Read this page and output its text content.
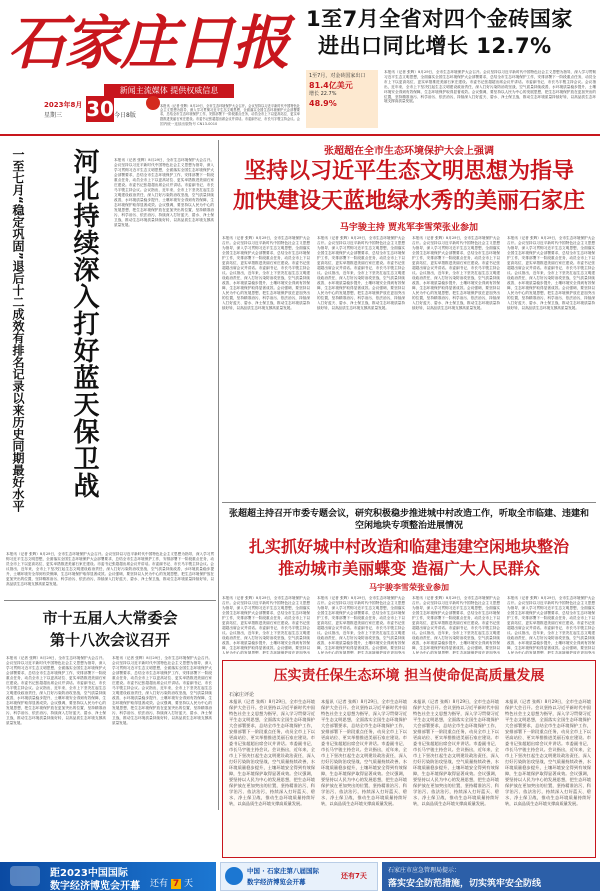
石家庄日报
新闻主流媒体 提供权威信息
今日8版
2023年8月
星期三 30
国内统一连续出版物号 CN13-0010
本报讯（记者 张辉）8月29日，全市生态环境保护大会召开。会议坚持以习近平新时代中国特色社会主义思想为指导，深入学习贯彻习近平生态文明思想，全面落实全国生态环境保护大会部署要求，总结全市生态环境保护工作，安排部署下一阶段重点任务，动员全市上下以更高站位、更实举措推进美丽石家庄建设。市委书记张超超出席会议并讲话。市委副书记、市长马宇骏主持会议。会
1至7月全省对四个金砖国家
进出口同比增长 12.7%
1至7月，对金砖国家出口
81.4亿美元
增长 22.7%
48.9%
本报讯（记者 张辉）8月29日，全市生态环境保护大会召开。会议坚持以习近平新时代中国特色社会主义思想为指导，深入学习贯彻习近平生态文明思想，全面落实全国生态环境保护大会部署要求，总结全市生态环境保护工作，安排部署下一阶段重点任务，动员全市上下以更高站位、更实举措推进美丽石家庄建设。市委书记张超超出席会议并讲话。市委副书记、市长马宇骏主持会议。会议指出，近年来，全市上下坚决扛起生态文明建设政治责任，深入打好污染防治攻坚战，空气质量持续改善，水环境质量稳步提升，土壤环境安全得到有效保障，生态环境保护取得显著成效。会议强调，要坚持以人民为中心的发展思想，把生态环境保护放在更加突出的位置，坚持精准治污、科学治污、依法治污，持续深入打好蓝天、碧水、净土保卫战，推动生态环境质量持续好转，以高品质生态环境支撑高质量发展。
河北持续深入打好蓝天保卫战
一至七月“稳定巩固”退后十二成效有排名记录以来历史同期最好水平	本报讯（记者 张辉）8月29日，全市生态环境保护大会召开。会议坚持以习近平新时代中国特色社会主义思想为指导，深入学习贯彻习近平生态文明思想，全面落实全国生态环境保护大会部署要求，总结全市生态环境保护工作，安排部署下一阶段重点任务，动员全市上下以更高站位、更实举措推进美丽石家庄建设。市委书记张超超出席会议并讲话。市委副书记、市长马宇骏主持会议。会议指出，近年来，全市上下坚决扛起生态文明建设政治责任，深入打好污染防治攻坚战，空气质量持续改善，水环境质量稳步提升，土壤环境安全得到有效保障，生态环境保护取得显著成效。会议强调，要坚持以人民为中心的发展思想，把生态环境保护放在更加突出的位置，坚持精准治污、科学治污、依法治污，持续深入打好蓝天、碧水、净土保卫战，推动生态环境质量持续好转，以高品质生态环境支撑高质量发展。
张超超在全市生态环境保护大会上强调
坚持以习近平生态文明思想为指导
加快建设天蓝地绿水秀的美丽石家庄
马宇骏主持 贾兆军李雪荣张业参加
本报讯（记者 张辉）8月29日，全市生态环境保护大会召开。会议坚持以习近平新时代中国特色社会主义思想为指导，深入学习贯彻习近平生态文明思想，全面落实全国生态环境保护大会部署要求，总结全市生态环境保护工作，安排部署下一阶段重点任务，动员全市上下以更高站位、更实举措推进美丽石家庄建设。市委书记张超超出席会议并讲话。市委副书记、市长马宇骏主持会议。会议指出，近年来，全市上下坚决扛起生态文明建设政治责任，深入打好污染防治攻坚战，空气质量持续改善，水环境质量稳步提升，土壤环境安全得到有效保障，生态环境保护取得显著成效。会议强调，要坚持以人民为中心的发展思想，把生态环境保护放在更加突出的位置，坚持精准治污、科学治污、依法治污，持续深入打好蓝天、碧水、净土保卫战，推动生态环境质量持续好转，以高品质生态环境支撑高质量发展。
本报讯（记者 张辉）8月29日，全市生态环境保护大会召开。会议坚持以习近平新时代中国特色社会主义思想为指导，深入学习贯彻习近平生态文明思想，全面落实全国生态环境保护大会部署要求，总结全市生态环境保护工作，安排部署下一阶段重点任务，动员全市上下以更高站位、更实举措推进美丽石家庄建设。市委书记张超超出席会议并讲话。市委副书记、市长马宇骏主持会议。会议指出，近年来，全市上下坚决扛起生态文明建设政治责任，深入打好污染防治攻坚战，空气质量持续改善，水环境质量稳步提升，土壤环境安全得到有效保障，生态环境保护取得显著成效。会议强调，要坚持以人民为中心的发展思想，把生态环境保护放在更加突出的位置，坚持精准治污、科学治污、依法治污，持续深入打好蓝天、碧水、净土保卫战，推动生态环境质量持续好转，以高品质生态环境支撑高质量发展。
本报讯（记者 张辉）8月29日，全市生态环境保护大会召开。会议坚持以习近平新时代中国特色社会主义思想为指导，深入学习贯彻习近平生态文明思想，全面落实全国生态环境保护大会部署要求，总结全市生态环境保护工作，安排部署下一阶段重点任务，动员全市上下以更高站位、更实举措推进美丽石家庄建设。市委书记张超超出席会议并讲话。市委副书记、市长马宇骏主持会议。会议指出，近年来，全市上下坚决扛起生态文明建设政治责任，深入打好污染防治攻坚战，空气质量持续改善，水环境质量稳步提升，土壤环境安全得到有效保障，生态环境保护取得显著成效。会议强调，要坚持以人民为中心的发展思想，把生态环境保护放在更加突出的位置，坚持精准治污、科学治污、依法治污，持续深入打好蓝天、碧水、净土保卫战，推动生态环境质量持续好转，以高品质生态环境支撑高质量发展。
本报讯（记者 张辉）8月29日，全市生态环境保护大会召开。会议坚持以习近平新时代中国特色社会主义思想为指导，深入学习贯彻习近平生态文明思想，全面落实全国生态环境保护大会部署要求，总结全市生态环境保护工作，安排部署下一阶段重点任务，动员全市上下以更高站位、更实举措推进美丽石家庄建设。市委书记张超超出席会议并讲话。市委副书记、市长马宇骏主持会议。会议指出，近年来，全市上下坚决扛起生态文明建设政治责任，深入打好污染防治攻坚战，空气质量持续改善，水环境质量稳步提升，土壤环境安全得到有效保障，生态环境保护取得显著成效。会议强调，要坚持以人民为中心的发展思想，把生态环境保护放在更加突出的位置，坚持精准治污、科学治污、依法治污，持续深入打好蓝天、碧水、净土保卫战，推动生态环境质量持续好转，以高品质生态环境支撑高质量发展。
张超超主持召开市委专题会议，研究积极稳步推进城中村改造工作，听取全市临建、违建和空闲地块专项整治进展情况
扎实抓好城中村改造和临建违建空闲地块整治
推动城市美丽蝶变 造福广大人民群众
马宇骏李雪荣张业参加
本报讯（记者 张辉）8月29日，全市生态环境保护大会召开。会议坚持以习近平新时代中国特色社会主义思想为指导，深入学习贯彻习近平生态文明思想，全面落实全国生态环境保护大会部署要求，总结全市生态环境保护工作，安排部署下一阶段重点任务，动员全市上下以更高站位、更实举措推进美丽石家庄建设。市委书记张超超出席会议并讲话。市委副书记、市长马宇骏主持会议。会议指出，近年来，全市上下坚决扛起生态文明建设政治责任，深入打好污染防治攻坚战，空气质量持续改善，水环境质量稳步提升，土壤环境安全得到有效保障，生态环境保护取得显著成效。会议强调，要坚持以人民为中心的发展思想，把生态环境保护放在更加突出
本报讯（记者 张辉）8月29日，全市生态环境保护大会召开。会议坚持以习近平新时代中国特色社会主义思想为指导，深入学习贯彻习近平生态文明思想，全面落实全国生态环境保护大会部署要求，总结全市生态环境保护工作，安排部署下一阶段重点任务，动员全市上下以更高站位、更实举措推进美丽石家庄建设。市委书记张超超出席会议并讲话。市委副书记、市长马宇骏主持会议。会议指出，近年来，全市上下坚决扛起生态文明建设政治责任，深入打好污染防治攻坚战，空气质量持续改善，水环境质量稳步提升，土壤环境安全得到有效保障，生态环境保护取得显著成效。会议强调，要坚持以人民为中心的发展思想，把生态环境保护放在更加突出
本报讯（记者 张辉）8月29日，全市生态环境保护大会召开。会议坚持以习近平新时代中国特色社会主义思想为指导，深入学习贯彻习近平生态文明思想，全面落实全国生态环境保护大会部署要求，总结全市生态环境保护工作，安排部署下一阶段重点任务，动员全市上下以更高站位、更实举措推进美丽石家庄建设。市委书记张超超出席会议并讲话。市委副书记、市长马宇骏主持会议。会议指出，近年来，全市上下坚决扛起生态文明建设政治责任，深入打好污染防治攻坚战，空气质量持续改善，水环境质量稳步提升，土壤环境安全得到有效保障，生态环境保护取得显著成效。会议强调，要坚持以人民为中心的发展思想，把生态环境保护放在更加突出
本报讯（记者 张辉）8月29日，全市生态环境保护大会召开。会议坚持以习近平新时代中国特色社会主义思想为指导，深入学习贯彻习近平生态文明思想，全面落实全国生态环境保护大会部署要求，总结全市生态环境保护工作，安排部署下一阶段重点任务，动员全市上下以更高站位、更实举措推进美丽石家庄建设。市委书记张超超出席会议并讲话。市委副书记、市长马宇骏主持会议。会议指出，近年来，全市上下坚决扛起生态文明建设政治责任，深入打好污染防治攻坚战，空气质量持续改善，水环境质量稳步提升，土壤环境安全得到有效保障，生态环境保护取得显著成效。会议强调，要坚持以人民为中心的发展思想，把生态环境保护放在更加突出
本报讯（记者 张辉）8月29日，全市生态环境保护大会召开。会议坚持以习近平新时代中国特色社会主义思想为指导，深入学习贯彻习近平生态文明思想，全面落实全国生态环境保护大会部署要求，总结全市生态环境保护工作，安排部署下一阶段重点任务，动员全市上下以更高站位、更实举措推进美丽石家庄建设。市委书记张超超出席会议并讲话。市委副书记、市长马宇骏主持会议。会议指出，近年来，全市上下坚决扛起生态文明建设政治责任，深入打好污染防治攻坚战，空气质量持续改善，水环境质量稳步提升，土壤环境安全得到有效保障，生态环境保护取得显著成效。会议强调，要坚持以人民为中心的发展思想，把生态环境保护放在更加突出的位置，坚持精准治污、科学治污、依法治污，持续深入打好蓝天、碧水、净土保卫战，推动生态环境质量持续好转，以高品质生态环境支撑高质量发展。
市十五届人大常委会
第十八次会议召开
本报讯（记者 张辉）8月29日，全市生态环境保护大会召开。会议坚持以习近平新时代中国特色社会主义思想为指导，深入学习贯彻习近平生态文明思想，全面落实全国生态环境保护大会部署要求，总结全市生态环境保护工作，安排部署下一阶段重点任务，动员全市上下以更高站位、更实举措推进美丽石家庄建设。市委书记张超超出席会议并讲话。市委副书记、市长马宇骏主持会议。会议指出，近年来，全市上下坚决扛起生态文明建设政治责任，深入打好污染防治攻坚战，空气质量持续改善，水环境质量稳步提升，土壤环境安全得到有效保障，生态环境保护取得显著成效。会议强调，要坚持以人民为中心的发展思想，把生态环境保护放在更加突出的位置，坚持精准治污、科学治污、依法治污，持续深入打好蓝天、碧水、净土保卫战，推动生态环境质量持续好转，以高品质生态环境支撑高质量发展。
本报讯（记者 张辉）8月29日，全市生态环境保护大会召开。会议坚持以习近平新时代中国特色社会主义思想为指导，深入学习贯彻习近平生态文明思想，全面落实全国生态环境保护大会部署要求，总结全市生态环境保护工作，安排部署下一阶段重点任务，动员全市上下以更高站位、更实举措推进美丽石家庄建设。市委书记张超超出席会议并讲话。市委副书记、市长马宇骏主持会议。会议指出，近年来，全市上下坚决扛起生态文明建设政治责任，深入打好污染防治攻坚战，空气质量持续改善，水环境质量稳步提升，土壤环境安全得到有效保障，生态环境保护取得显著成效。会议强调，要坚持以人民为中心的发展思想，把生态环境保护放在更加突出的位置，坚持精准治污、科学治污、依法治污，持续深入打好蓝天、碧水、净土保卫战，推动生态环境质量持续好转，以高品质生态环境支撑高质量发展。
压实责任保生态环境 担当使命促高质量发展
石家庄评论
本报讯（记者 张辉）8月29日，全市生态环境保护大会召开。会议坚持以习近平新时代中国特色社会主义思想为指导，深入学习贯彻习近平生态文明思想，全面落实全国生态环境保护大会部署要求，总结全市生态环境保护工作，安排部署下一阶段重点任务，动员全市上下以更高站位、更实举措推进美丽石家庄建设。市委书记张超超出席会议并讲话。市委副书记、市长马宇骏主持会议。会议指出，近年来，全市上下坚决扛起生态文明建设政治责任，深入打好污染防治攻坚战，空气质量持续改善，水环境质量稳步提升，土壤环境安全得到有效保障，生态环境保护取得显著成效。会议强调，要坚持以人民为中心的发展思想，把生态环境保护放在更加突出的位置，坚持精准治污、科学治污、依法治污，持续深入打好蓝天、碧水、净土保卫战，推动生态环境质量持续好转，以高品质生态环境支撑高质量发展。
本报讯（记者 张辉）8月29日，全市生态环境保护大会召开。会议坚持以习近平新时代中国特色社会主义思想为指导，深入学习贯彻习近平生态文明思想，全面落实全国生态环境保护大会部署要求，总结全市生态环境保护工作，安排部署下一阶段重点任务，动员全市上下以更高站位、更实举措推进美丽石家庄建设。市委书记张超超出席会议并讲话。市委副书记、市长马宇骏主持会议。会议指出，近年来，全市上下坚决扛起生态文明建设政治责任，深入打好污染防治攻坚战，空气质量持续改善，水环境质量稳步提升，土壤环境安全得到有效保障，生态环境保护取得显著成效。会议强调，要坚持以人民为中心的发展思想，把生态环境保护放在更加突出的位置，坚持精准治污、科学治污、依法治污，持续深入打好蓝天、碧水、净土保卫战，推动生态环境质量持续好转，以高品质生态环境支撑高质量发展。
本报讯（记者 张辉）8月29日，全市生态环境保护大会召开。会议坚持以习近平新时代中国特色社会主义思想为指导，深入学习贯彻习近平生态文明思想，全面落实全国生态环境保护大会部署要求，总结全市生态环境保护工作，安排部署下一阶段重点任务，动员全市上下以更高站位、更实举措推进美丽石家庄建设。市委书记张超超出席会议并讲话。市委副书记、市长马宇骏主持会议。会议指出，近年来，全市上下坚决扛起生态文明建设政治责任，深入打好污染防治攻坚战，空气质量持续改善，水环境质量稳步提升，土壤环境安全得到有效保障，生态环境保护取得显著成效。会议强调，要坚持以人民为中心的发展思想，把生态环境保护放在更加突出的位置，坚持精准治污、科学治污、依法治污，持续深入打好蓝天、碧水、净土保卫战，推动生态环境质量持续好转，以高品质生态环境支撑高质量发展。
本报讯（记者 张辉）8月29日，全市生态环境保护大会召开。会议坚持以习近平新时代中国特色社会主义思想为指导，深入学习贯彻习近平生态文明思想，全面落实全国生态环境保护大会部署要求，总结全市生态环境保护工作，安排部署下一阶段重点任务，动员全市上下以更高站位、更实举措推进美丽石家庄建设。市委书记张超超出席会议并讲话。市委副书记、市长马宇骏主持会议。会议指出，近年来，全市上下坚决扛起生态文明建设政治责任，深入打好污染防治攻坚战，空气质量持续改善，水环境质量稳步提升，土壤环境安全得到有效保障，生态环境保护取得显著成效。会议强调，要坚持以人民为中心的发展思想，把生态环境保护放在更加突出的位置，坚持精准治污、科学治污、依法治污，持续深入打好蓝天、碧水、净土保卫战，推动生态环境质量持续好转，以高品质生态环境支撑高质量发展。
距2023中国国际
数字经济博览会开幕 还有 7 天
中国 · 石家庄第八届国际
数字经济博览会开幕
还有7天
石家庄市应急管理局提示：
落实安全防范措施，切实筑牢安全防线
